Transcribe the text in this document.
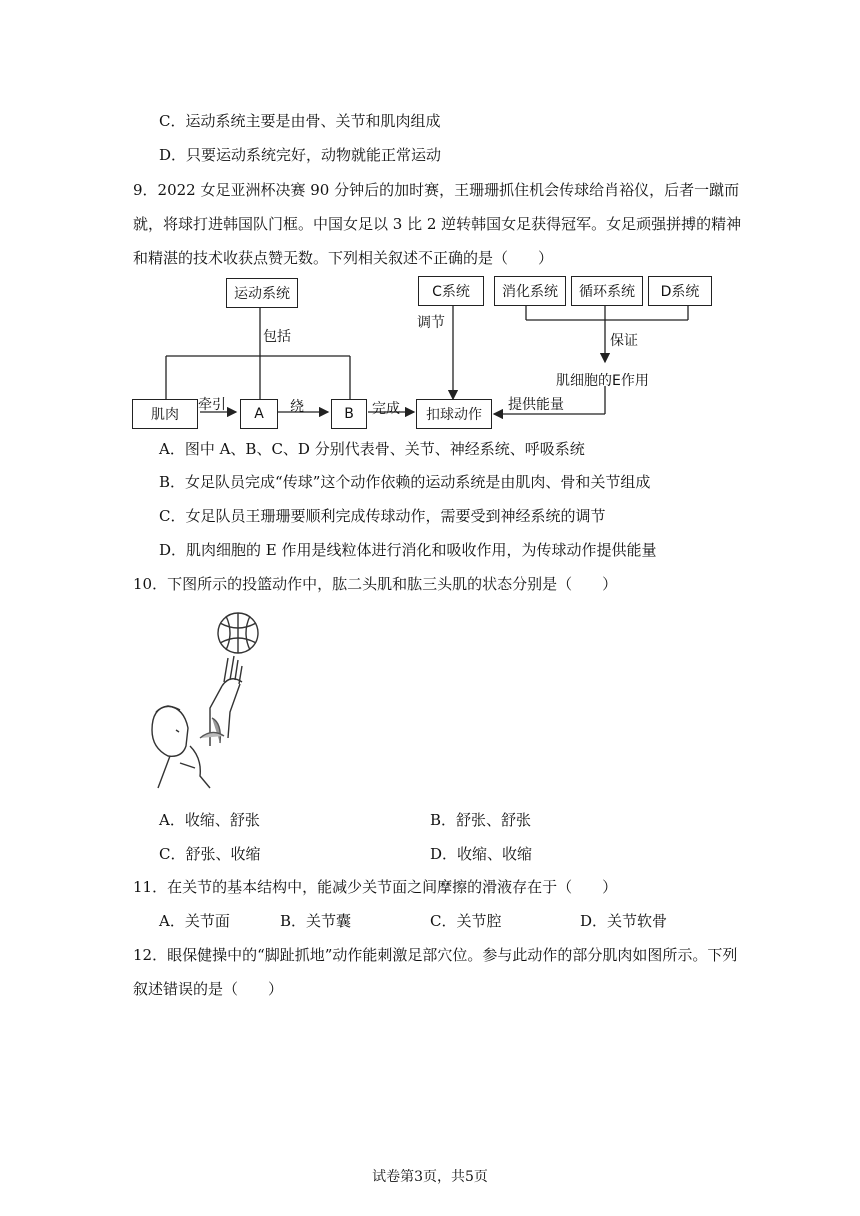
C．运动系统主要是由骨、关节和肌肉组成
D．只要运动系统完好，动物就能正常运动
9．2022 女足亚洲杯决赛 90 分钟后的加时赛，王珊珊抓住机会传球给肖裕仪，后者一蹴而
就，将球打进韩国队门框。中国女足以 3 比 2 逆转韩国女足获得冠军。女足顽强拼搏的精神
和精湛的技术收获点赞无数。下列相关叙述不正确的是（　　）
运动系统	C系统	消化系统	循环系统	D系统
肌肉	A	B	扣球动作
包括
调节
保证
肌细胞的E作用
牵引	绕	完成	提供能量
A．图中 A、B、C、D 分别代表骨、关节、神经系统、呼吸系统
B．女足队员完成“传球”这个动作依赖的运动系统是由肌肉、骨和关节组成
C．女足队员王珊珊要顺利完成传球动作，需要受到神经系统的调节
D．肌肉细胞的 E 作用是线粒体进行消化和吸收作用，为传球动作提供能量
10．下图所示的投篮动作中，肱二头肌和肱三头肌的状态分别是（　　）
A．收缩、舒张	B．舒张、舒张
C．舒张、收缩	D．收缩、收缩
11．在关节的基本结构中，能减少关节面之间摩擦的滑液存在于（　　）
A．关节面	B．关节囊	C．关节腔	D．关节软骨
12．眼保健操中的“脚趾抓地”动作能刺激足部穴位。参与此动作的部分肌肉如图所示。下列
叙述错误的是（　　）
试卷第3页，共5页
